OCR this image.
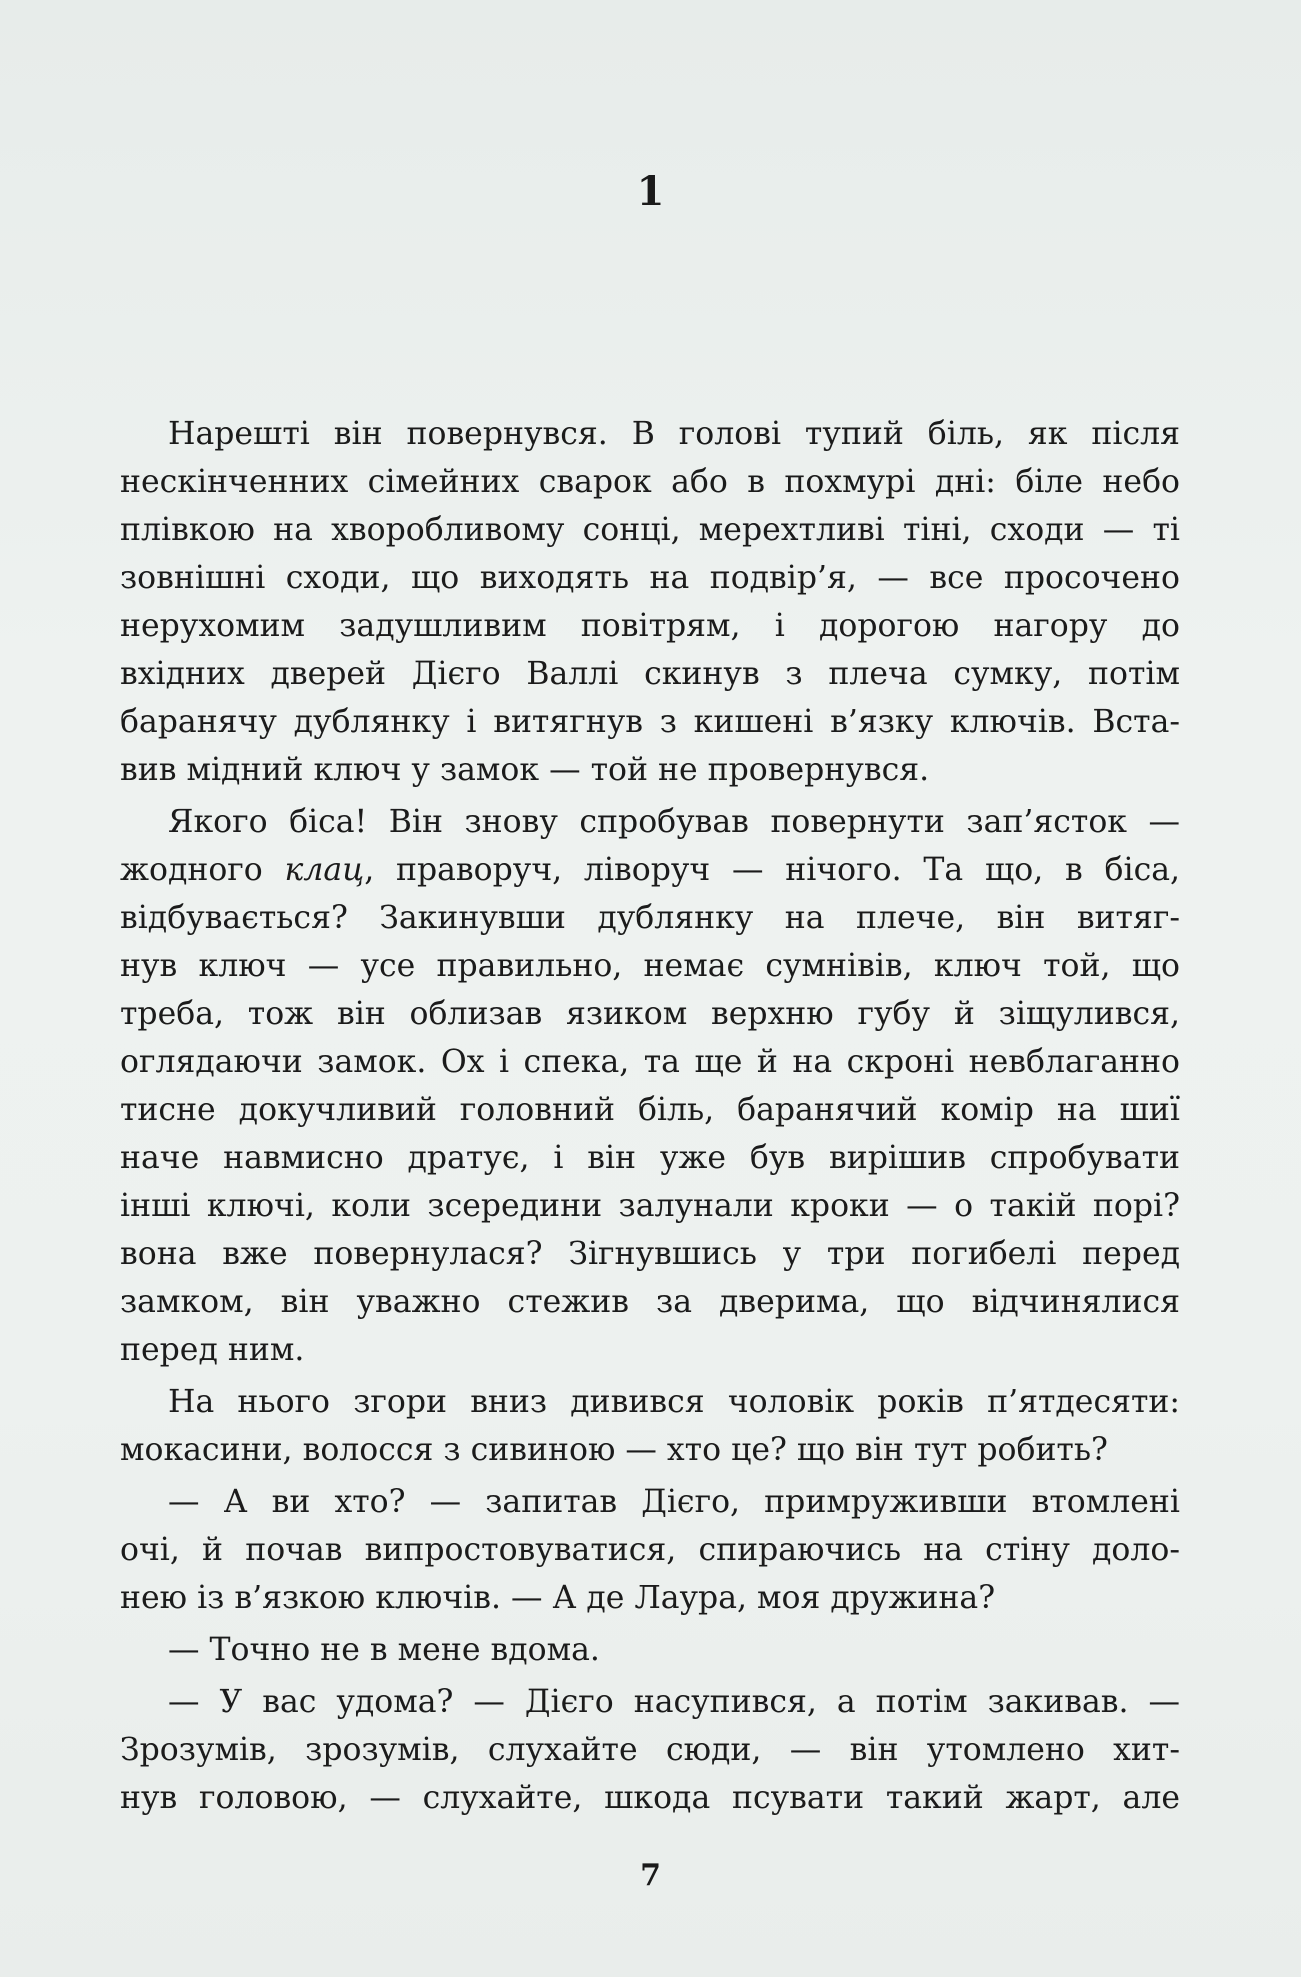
1

Нарешті він повернувся. В голові тупий біль, як після
нескінченних сімейних сварок або в похмурі дні: біле небо
плівкою на хворобливому сонці, мерехтливі тіні, сходи — ті
зовнішні сходи, що виходять на подвір’я, — все просочено
нерухомим задушливим повітрям, і дорогою нагору до
вхідних дверей Дієго Валлі скинув з плеча сумку, потім
баранячу дублянку і витягнув з кишені в’язку ключів. Вста-
вив мідний ключ у замок — той не провернувся.

Якого біса! Він знову спробував повернути зап’ясток —
жодного клац, праворуч, ліворуч — нічого. Та що, в біса,
відбувається? Закинувши дублянку на плече, він витяг-
нув ключ — усе правильно, немає сумнівів, ключ той, що
треба, тож він облизав язиком верхню губу й зіщулився,
оглядаючи замок. Ох і спека, та ще й на скроні невблаганно
тисне докучливий головний біль, баранячий комір на шиї
наче навмисно дратує, і він уже був вирішив спробувати
інші ключі, коли зсередини залунали кроки — о такій порі?
вона вже повернулася? Зігнувшись у три погибелі перед
замком, він уважно стежив за дверима, що відчинялися
перед ним.

На нього згори вниз дивився чоловік років п’ятдесяти:
мокасини, волосся з сивиною — хто це? що він тут робить?

— А ви хто? — запитав Дієго, примруживши втомлені
очі, й почав випростовуватися, спираючись на стіну доло-
нею із в’язкою ключів. — А де Лаура, моя дружина?

— Точно не в мене вдома.

— У вас удома? — Дієго насупився, а потім закивав. —
Зрозумів, зрозумів, слухайте сюди, — він утомлено хит-
нув головою, — слухайте, шкода псувати такий жарт, але

7
